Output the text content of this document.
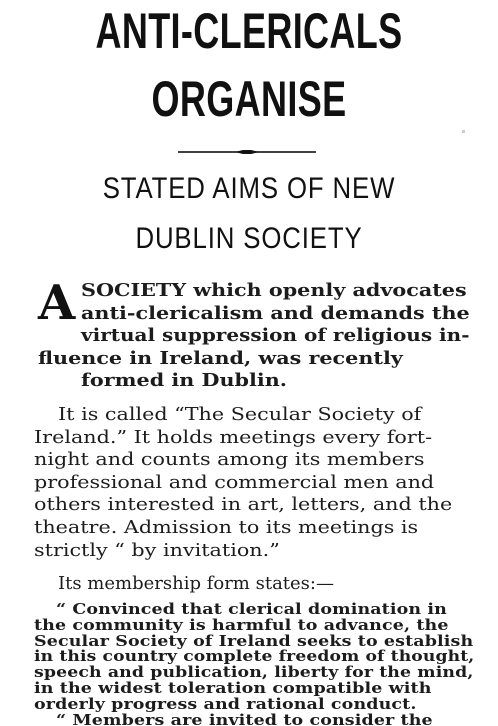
ANTI-CLERICALS
ORGANISE
STATED AIMS OF NEW
DUBLIN SOCIETY
A SOCIETY which openly advocates
anti-clericalism and demands the
virtual suppression of religious in-
fluence in Ireland, was recently
formed in Dublin.
It is called “The Secular Society of
Ireland.” It holds meetings every fort-
night and counts among its members
professional and commercial men and
others interested in art, letters, and the
theatre. Admission to its meetings is
strictly “ by invitation.”
Its membership form states:—
“ Convinced that clerical domination in
the community is harmful to advance, the
Secular Society of Ireland seeks to establish
in this country complete freedom of thought,
speech and publication, liberty for the mind,
in the widest toleration compatible with
orderly progress and rational conduct.
“ Members are invited to consider the
